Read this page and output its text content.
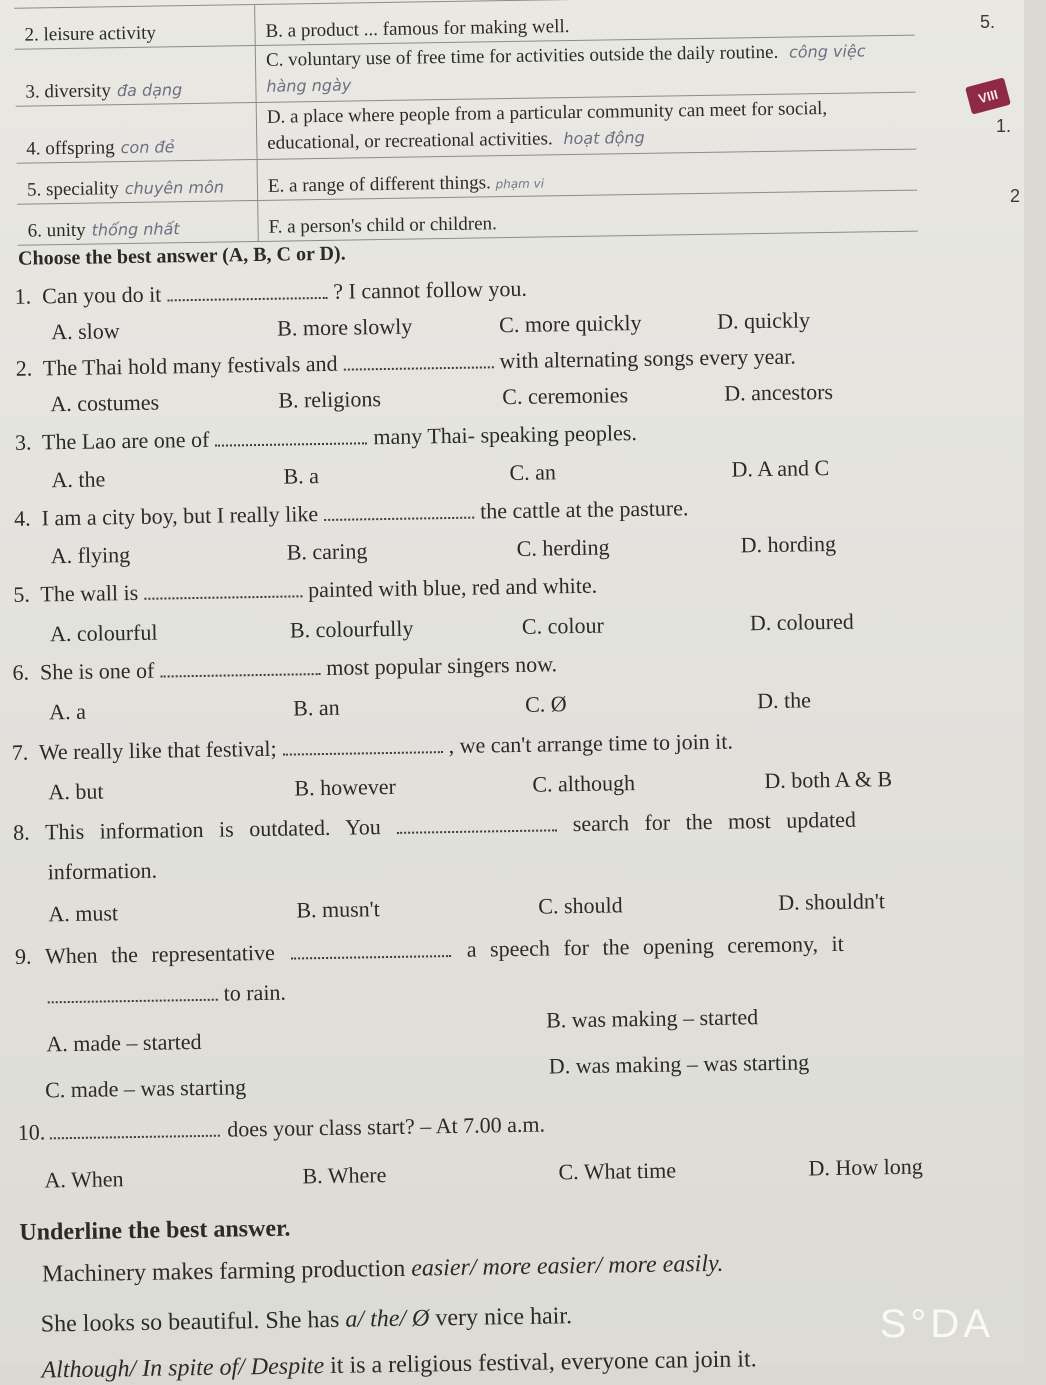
2. leisure activity	B. a product ... famous for making well.
3. diversity đa dạng	C. voluntary use of free time for activities outside the daily routine. công việc hàng ngày
4. offspring con đẻ	D. a place where people from a particular community can meet for social, educational, or recreational activities. hoạt động
5. speciality chuyên môn	E. a range of different things. phạm vi
6. unity thống nhất	F. a person's child or children.
Choose the best answer (A, B, C or D).
1. Can you do it	? I cannot follow you.
A. slow	B. more slowly	C. more quickly	D. quickly
2. The Thai hold many festivals and	with alternating songs every year.
A. costumes	B. religions	C. ceremonies	D. ancestors
3. The Lao are one of	many Thai- speaking peoples.
A. the	B. a	C. an	D. A and C
4. I am a city boy, but I really like	the cattle at the pasture.
A. flying	B. caring	C. herding	D. hording
5. The wall is	painted with blue, red and white.
A. colourful	B. colourfully	C. colour	D. coloured
6. She is one of	most popular singers now.
A. a	B. an	C. Ø	D. the
7. We really like that festival;	, we can't arrange time to join it.
A. but	B. however	C. although	D. both A & B
8. This information is outdated. You	search for the most updated
information.
A. must	B. musn't	C. should	D. shouldn't
9. When the representative	a speech for the opening ceremony, it
to rain.
B. was making – started
A. made – started
D. was making – was starting
C. made – was starting
10.	does your class start? – At 7.00 a.m.
A. When	B. Where	C. What time	D. How long
Underline the best answer.
Machinery makes farming production easier/ more easier/ more easily.
She looks so beautiful. She has a/ the/ Ø very nice hair.
Although/ In spite of/ Despite it is a religious festival, everyone can join it.
5.
VIII
1.
2
S°DA
